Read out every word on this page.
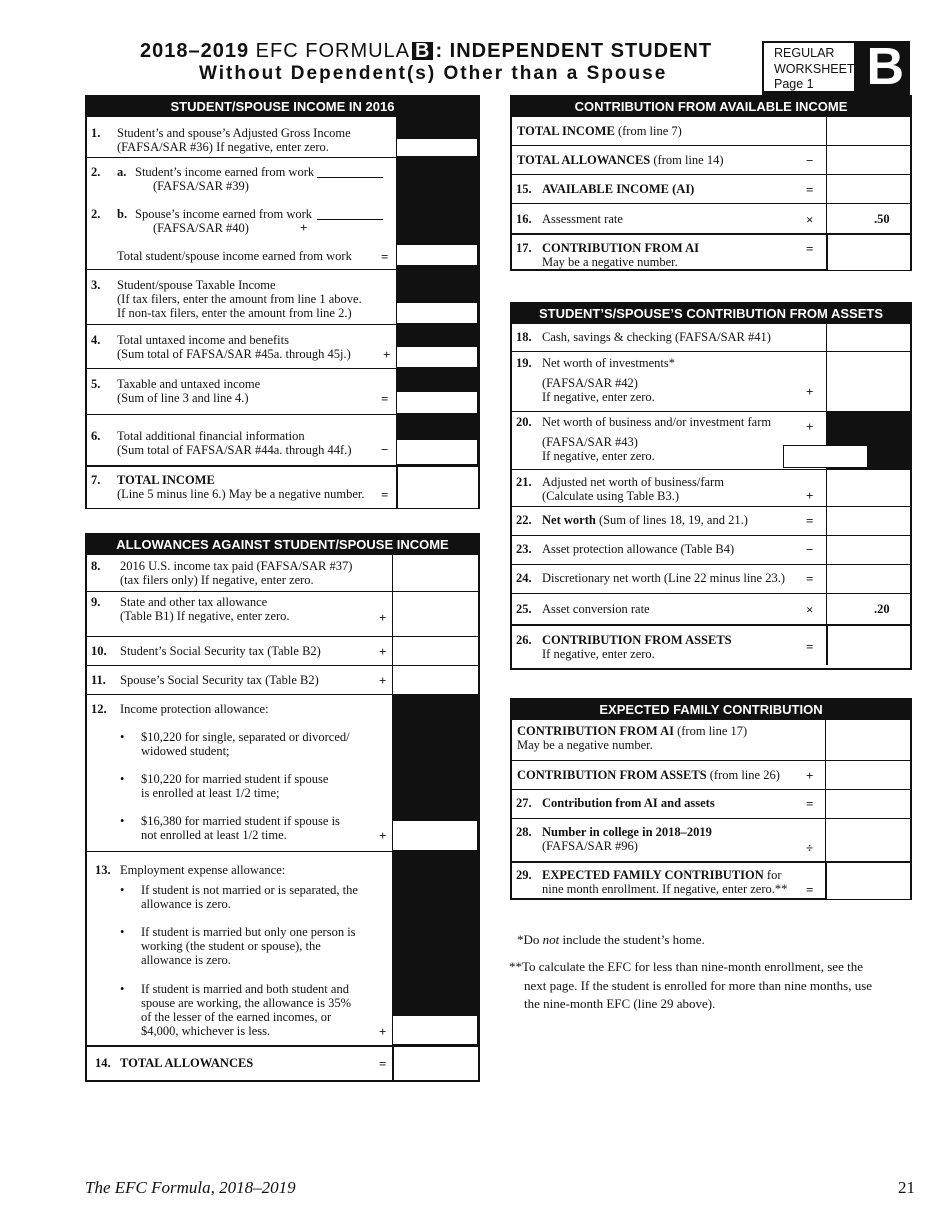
2018–2019 EFC FORMULA B : INDEPENDENT STUDENT
Without Dependent(s) Other than a Spouse
REGULAR
WORKSHEET
Page 1	B
STUDENT/SPOUSE INCOME IN 2016
1. Student’s and spouse’s Adjusted Gross Income
(FAFSA/SAR #36) If negative, enter zero.
2. a. Student’s income earned from work
(FAFSA/SAR #39)
2. b. Spouse’s income earned from work
(FAFSA/SAR #40)	+
Total student/spouse income earned from work =
3. Student/spouse Taxable Income
(If tax filers, enter the amount from line 1 above.
If non-tax filers, enter the amount from line 2.)
4. Total untaxed income and benefits
(Sum total of FAFSA/SAR #45a. through 45j.) +
5. Taxable and untaxed income
(Sum of line 3 and line 4.)	=
6. Total additional financial information
(Sum total of FAFSA/SAR #44a. through 44f.) −
7. TOTAL INCOME
(Line 5 minus line 6.) May be a negative number. =
ALLOWANCES AGAINST STUDENT/SPOUSE INCOME
8. 2016 U.S. income tax paid (FAFSA/SAR #37)
(tax filers only) If negative, enter zero.
9. State and other tax allowance
(Table B1) If negative, enter zero.	+
10. Student’s Social Security tax (Table B2)	+
11. Spouse’s Social Security tax (Table B2)	+
12. Income protection allowance:
• $10,220 for single, separated or divorced/
widowed student;
• $10,220 for married student if spouse
is enrolled at least 1/2 time;
• $16,380 for married student if spouse is
not enrolled at least 1/2 time.	+
13. Employment expense allowance:
• If student is not married or is separated, the
allowance is zero.
• If student is married but only one person is
working (the student or spouse), the
allowance is zero.
• If student is married and both student and
spouse are working, the allowance is 35%
of the lesser of the earned incomes, or
$4,000, whichever is less.	+
14. TOTAL ALLOWANCES	=
CONTRIBUTION FROM AVAILABLE INCOME
TOTAL INCOME (from line 7)
TOTAL ALLOWANCES (from line 14)	−
15. AVAILABLE INCOME (AI)	=
16. Assessment rate	×	.50
17. CONTRIBUTION FROM AI
May be a negative number.
=
STUDENT’S/SPOUSE’S CONTRIBUTION FROM ASSETS
18. Cash, savings & checking (FAFSA/SAR #41)
19. Net worth of investments*
(FAFSA/SAR #42)
If negative, enter zero.	+
20. Net worth of business and/or investment farm	+
(FAFSA/SAR #43)
If negative, enter zero.
21. Adjusted net worth of business/farm
(Calculate using Table B3.)	+
22. Net worth (Sum of lines 18, 19, and 21.)	=
23. Asset protection allowance (Table B4)	−
24. Discretionary net worth (Line 22 minus line 23.) =
25. Asset conversion rate	×	.20
26. CONTRIBUTION FROM ASSETS
If negative, enter zero.	=
EXPECTED FAMILY CONTRIBUTION
CONTRIBUTION FROM AI (from line 17)
May be a negative number.
CONTRIBUTION FROM ASSETS (from line 26) +
27. Contribution from AI and assets	=
28. Number in college in 2018–2019
(FAFSA/SAR #96)	÷
29. EXPECTED FAMILY CONTRIBUTION for
nine month enrollment. If negative, enter zero.** =
*Do not include the student’s home.
**To calculate the EFC for less than nine-month enrollment, see the
next page. If the student is enrolled for more than nine months, use
the nine-month EFC (line 29 above).
The EFC Formula, 2018–2019	21
